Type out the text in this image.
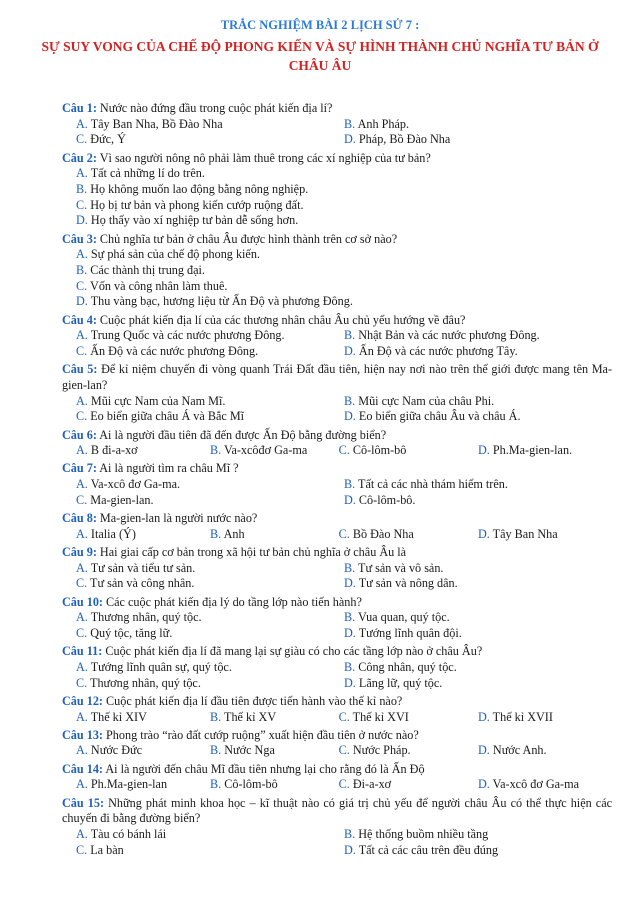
TRẮC NGHIỆM BÀI 2 LỊCH SỬ 7 :
SỰ SUY VONG CỦA CHẾ ĐỘ PHONG KIẾN VÀ SỰ HÌNH THÀNH CHỦ NGHĨA TƯ BẢN Ở CHÂU ÂU
Câu 1: Nước nào đứng đầu trong cuộc phát kiến địa lí?
A. Tây Ban Nha, Bồ Đào Nha	B. Anh Pháp.
C. Đức, Ý	D. Pháp, Bồ Đào Nha
Câu 2: Vì sao người nông nô phải làm thuê trong các xí nghiệp của tư bản?
A. Tất cả những lí do trên.
B. Họ không muốn lao động bằng nông nghiệp.
C. Họ bị tư bản và phong kiến cướp ruộng đất.
D. Họ thấy vào xí nghiệp tư bản dễ sống hơn.
Câu 3: Chủ nghĩa tư bản ở châu Âu được hình thành trên cơ sở nào?
A. Sự phá sản của chế độ phong kiến.
B. Các thành thị trung đại.
C. Vốn và công nhân làm thuê.
D. Thu vàng bạc, hương liệu từ Ấn Độ và phương Đông.
Câu 4: Cuộc phát kiến địa lí của các thương nhân châu Âu chủ yếu hướng về đâu?
A. Trung Quốc và các nước phương Đông.	B. Nhật Bản và các nước phương Đông.
C. Ấn Độ và các nước phương Đông.	D. Ấn Độ và các nước phương Tây.
Câu 5: Để kỉ niệm chuyến đi vòng quanh Trái Đất đầu tiên, hiện nay nơi nào trên thế giới được mang tên Ma-gien-lan?
A. Mũi cực Nam của Nam Mĩ.	B. Mũi cực Nam của châu Phi.
C. Eo biển giữa châu Á và Bắc Mĩ	D. Eo biển giữa châu Âu và châu Á.
Câu 6: Ai là người đầu tiên đã đến được Ấn Độ bằng đường biển?
A. B đi-a-xơ	B. Va-xcôđơ Ga-ma	C. Cô-lôm-bô	D. Ph.Ma-gien-lan.
Câu 7: Ai là người tìm ra châu Mĩ ?
A. Va-xcô đơ Ga-ma.	B. Tất cả các nhà thám hiểm trên.
C. Ma-gien-lan.	D. Cô-lôm-bô.
Câu 8: Ma-gien-lan là người nước nào?
A. Italia (Ý)	B. Anh	C. Bồ Đào Nha	D. Tây Ban Nha
Câu 9: Hai giai cấp cơ bản trong xã hội tư bản chủ nghĩa ở châu Âu là
A. Tư sản và tiểu tư sản.	B. Tư sản và vô sản.
C. Tư sản và công nhân.	D. Tư sản và nông dân.
Câu 10: Các cuộc phát kiến địa lý do tầng lớp nào tiến hành?
A. Thương nhân, quý tộc.	B. Vua quan, quý tộc.
C. Quý tộc, tăng lữ.	D. Tướng lĩnh quân đội.
Câu 11: Cuộc phát kiến địa lí đã mang lại sự giàu có cho các tầng lớp nào ở châu Âu?
A. Tướng lĩnh quân sự, quý tộc.	B. Công nhân, quý tộc.
C. Thương nhân, quý tộc.	D. Lãng lữ, quý tộc.
Câu 12: Cuộc phát kiến địa lí đầu tiên được tiến hành vào thế kỉ nào?
A. Thế kỉ XIV	B. Thế kỉ XV	C. Thế kỉ XVI	D. Thế kỉ XVII
Câu 13: Phong trào “rào đất cướp ruộng” xuất hiện đầu tiên ở nước nào?
A. Nước Đức	B. Nước Nga	C. Nước Pháp.	D. Nước Anh.
Câu 14: Ai là người đến châu Mĩ đầu tiên nhưng lại cho rằng đó là Ấn Độ
A. Ph.Ma-gien-lan	B. Cô-lôm-bô	C. Đi-a-xơ	D. Va-xcô đơ Ga-ma
Câu 15: Những phát minh khoa học – kĩ thuật nào có giá trị chủ yếu để người châu Âu có thể thực hiện các chuyến đi bằng đường biển?
A. Tàu có bánh lái	B. Hệ thống buồm nhiều tầng
C. La bàn	D. Tất cả các câu trên đều đúng
